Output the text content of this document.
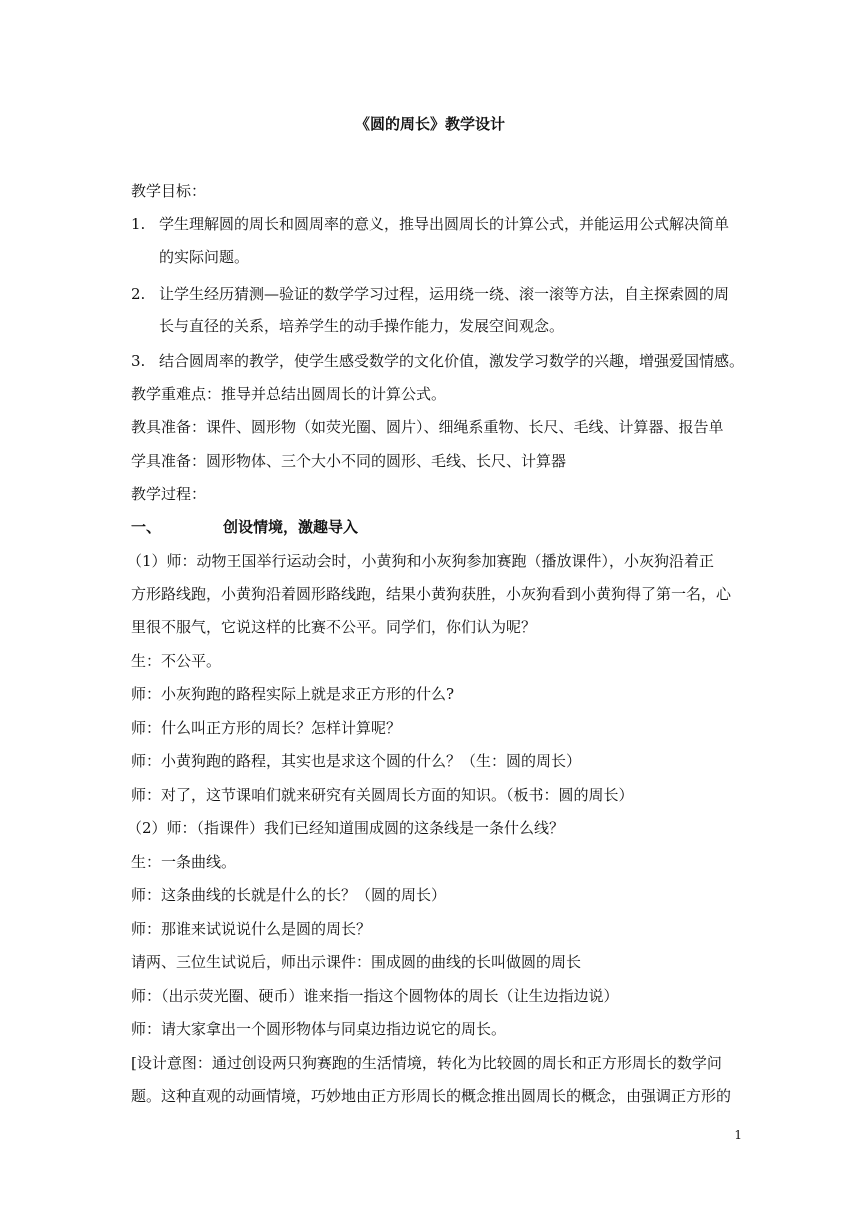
《圆的周长》教学设计
教学目标：
1. 学生理解圆的周长和圆周率的意义，推导出圆周长的计算公式，并能运用公式解决简单
的实际问题。
2. 让学生经历猜测—验证的数学学习过程，运用绕一绕、滚一滚等方法，自主探索圆的周
长与直径的关系，培养学生的动手操作能力，发展空间观念。
3. 结合圆周率的教学，使学生感受数学的文化价值，激发学习数学的兴趣，增强爱国情感。
教学重难点：推导并总结出圆周长的计算公式。
教具准备：课件、圆形物（如荧光圈、圆片）、细绳系重物、长尺、毛线、计算器、报告单
学具准备：圆形物体、三个大小不同的圆形、毛线、长尺、计算器
教学过程：
一、	创设情境，激趣导入
（1）师：动物王国举行运动会时，小黄狗和小灰狗参加赛跑（播放课件），小灰狗沿着正
方形路线跑，小黄狗沿着圆形路线跑，结果小黄狗获胜，小灰狗看到小黄狗得了第一名，心
里很不服气，它说这样的比赛不公平。同学们，你们认为呢？
生：不公平。
师：小灰狗跑的路程实际上就是求正方形的什么?
师：什么叫正方形的周长？怎样计算呢？
师：小黄狗跑的路程，其实也是求这个圆的什么？（生：圆的周长）
师：对了，这节课咱们就来研究有关圆周长方面的知识。（板书：圆的周长）
（2）师：（指课件）我们已经知道围成圆的这条线是一条什么线？
生：一条曲线。
师：这条曲线的长就是什么的长？（圆的周长）
师：那谁来试说说什么是圆的周长？
请两、三位生试说后，师出示课件：围成圆的曲线的长叫做圆的周长
师：（出示荧光圈、硬币）谁来指一指这个圆物体的周长（让生边指边说）
师：请大家拿出一个圆形物体与同桌边指边说它的周长。
[设计意图：通过创设两只狗赛跑的生活情境，转化为比较圆的周长和正方形周长的数学问
题。这种直观的动画情境，巧妙地由正方形周长的概念推出圆周长的概念，由强调正方形的
1
